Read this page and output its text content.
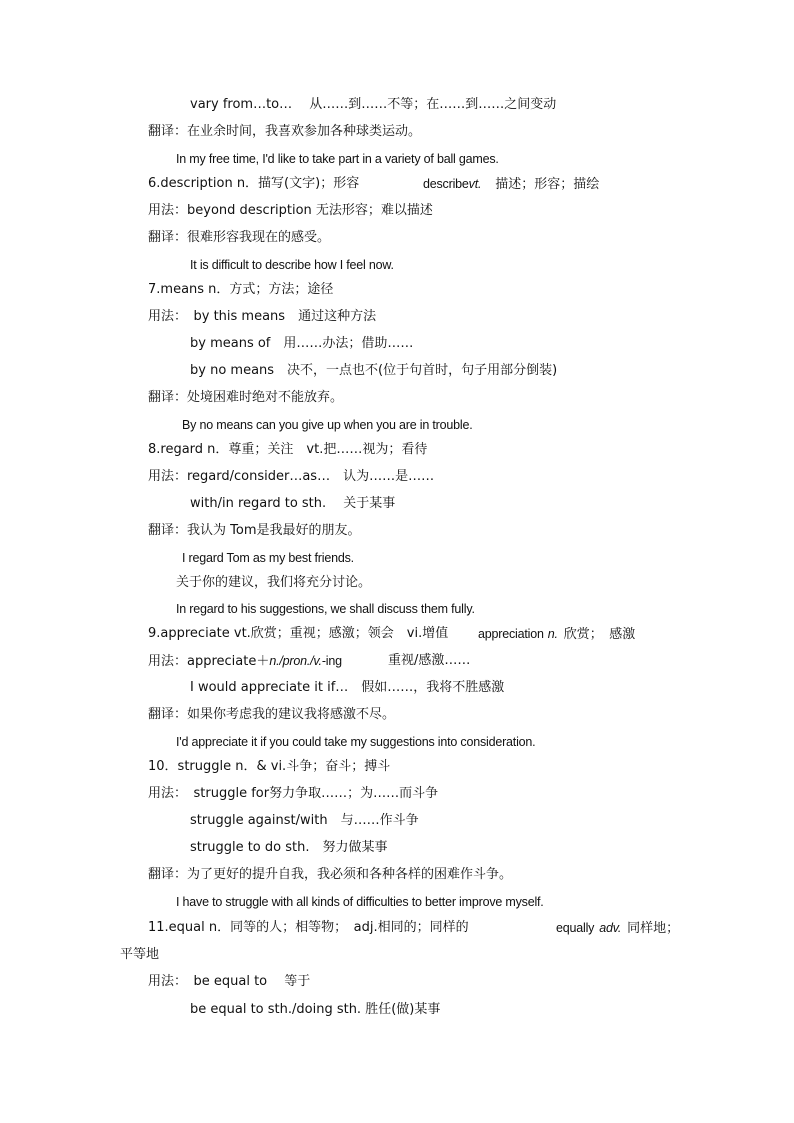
vary from…to…　 从……到……不等；在……到……之间变动
翻译：在业余时间，我喜欢参加各种球类运动。
In my free time, I'd like to take part in a variety of ball games.
6.description n．描写(文字)；形容	describevt. 描述；形容；描绘
用法：beyond description 无法形容；难以描述
翻译：很难形容我现在的感受。
It is difficult to describe how I feel now.
7.means n．方式；方法；途径
用法：　by this means　通过这种方法
by means of　用……办法；借助……
by no means　决不，一点也不(位于句首时，句子用部分倒装)
翻译：处境困难时绝对不能放弃。
By no means can you give up when you are in trouble.
8.regard n．尊重；关注　vt.把……视为；看待
用法：regard/consider…as…　认为……是……
with/in regard to sth.　 关于某事
翻译：我认为 Tom是我最好的朋友。
I regard Tom as my best friends.
关于你的建议，我们将充分讨论。
In regard to his suggestions, we shall discuss them fully.
9.appreciate vt.欣赏；重视；感激；领会　vi.增值 appreciation n. 欣赏；　感激
用法：appreciate＋n./pron./v.-ing	重视/感激……
I would appreciate it if…　假如……，我将不胜感激
翻译：如果你考虑我的建议我将感激不尽。
I'd appreciate it if you could take my suggestions into consideration.
10．struggle n．& vi.斗争；奋斗；搏斗
用法：　struggle for努力争取……；为……而斗争
struggle against/with　与……作斗争
struggle to do sth.　努力做某事
翻译：为了更好的提升自我，我必须和各种各样的困难作斗争。
I have to struggle with all kinds of difficulties to better improve myself.
11.equal n．同等的人；相等物；　adj.相同的；同样的	equally adv. 同样地；
平等地
用法：　be equal to　 等于
be equal to sth./doing sth. 胜任(做)某事
